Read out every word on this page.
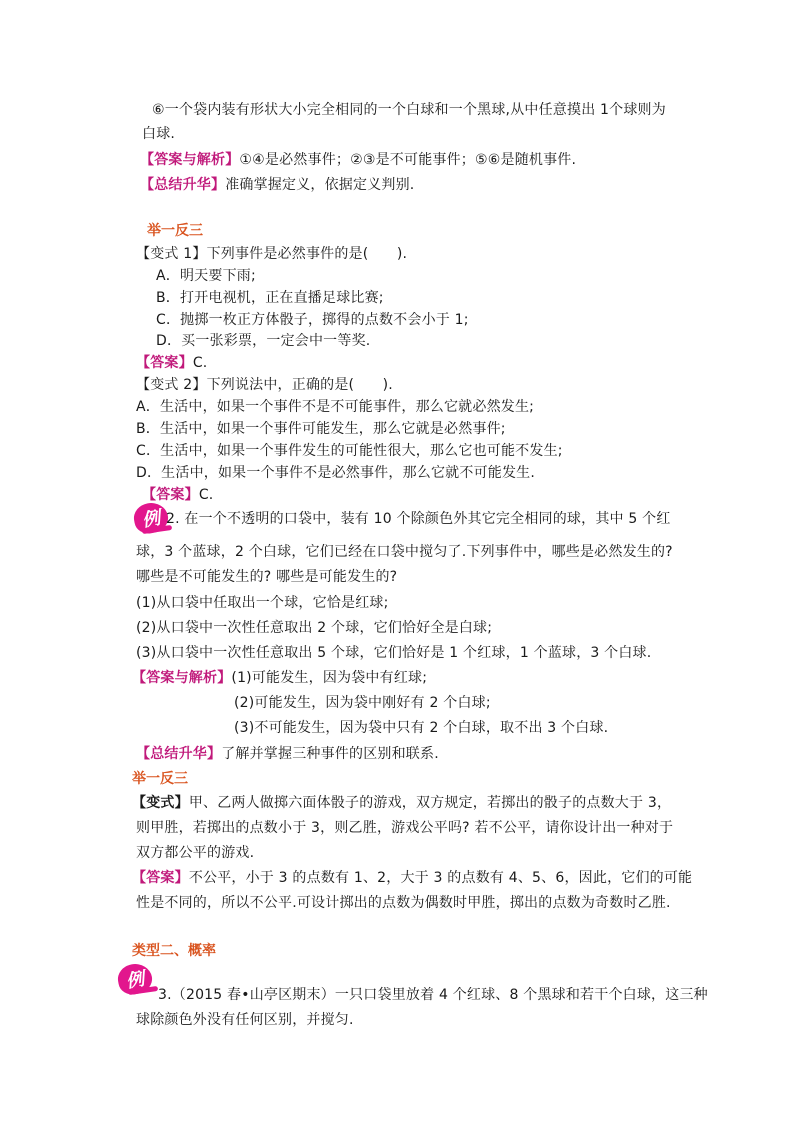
⑥一个袋内装有形状大小完全相同的一个白球和一个黑球,从中任意摸出 1个球则为
白球.
【答案与解析】①④是必然事件；②③是不可能事件；⑤⑥是随机事件.
【总结升华】准确掌握定义，依据定义判别.
举一反三
【变式 1】下列事件是必然事件的是(　　).
A．明天要下雨;
B．打开电视机，正在直播足球比赛;
C．抛掷一枚正方体骰子，掷得的点数不会小于 1;
D．买一张彩票，一定会中一等奖.
【答案】C.
【变式 2】下列说法中，正确的是(　　).
A．生活中，如果一个事件不是不可能事件，那么它就必然发生;
B．生活中，如果一个事件可能发生，那么它就是必然事件;
C．生活中，如果一个事件发生的可能性很大，那么它也可能不发生;
D．生活中，如果一个事件不是必然事件，那么它就不可能发生.
【答案】C.
例 2. 在一个不透明的口袋中，装有 10 个除颜色外其它完全相同的球，其中 5 个红
球，3 个蓝球，2 个白球，它们已经在口袋中搅匀了.下列事件中，哪些是必然发生的?
哪些是不可能发生的? 哪些是可能发生的?
(1)从口袋中任取出一个球，它恰是红球;
(2)从口袋中一次性任意取出 2 个球，它们恰好全是白球;
(3)从口袋中一次性任意取出 5 个球，它们恰好是 1 个红球，1 个蓝球，3 个白球.
【答案与解析】(1)可能发生，因为袋中有红球;
(2)可能发生，因为袋中刚好有 2 个白球;
(3)不可能发生，因为袋中只有 2 个白球，取不出 3 个白球.
【总结升华】了解并掌握三种事件的区别和联系.
举一反三
【变式】甲、乙两人做掷六面体骰子的游戏，双方规定，若掷出的骰子的点数大于 3，
则甲胜，若掷出的点数小于 3，则乙胜，游戏公平吗? 若不公平，请你设计出一种对于
双方都公平的游戏.
【答案】不公平，小于 3 的点数有 1、2，大于 3 的点数有 4、5、6，因此，它们的可能
性是不同的，所以不公平.可设计掷出的点数为偶数时甲胜，掷出的点数为奇数时乙胜.
类型二、概率
例
3.（2015 春•山亭区期末）一只口袋里放着 4 个红球、8 个黑球和若干个白球，这三种
球除颜色外没有任何区别，并搅匀.
